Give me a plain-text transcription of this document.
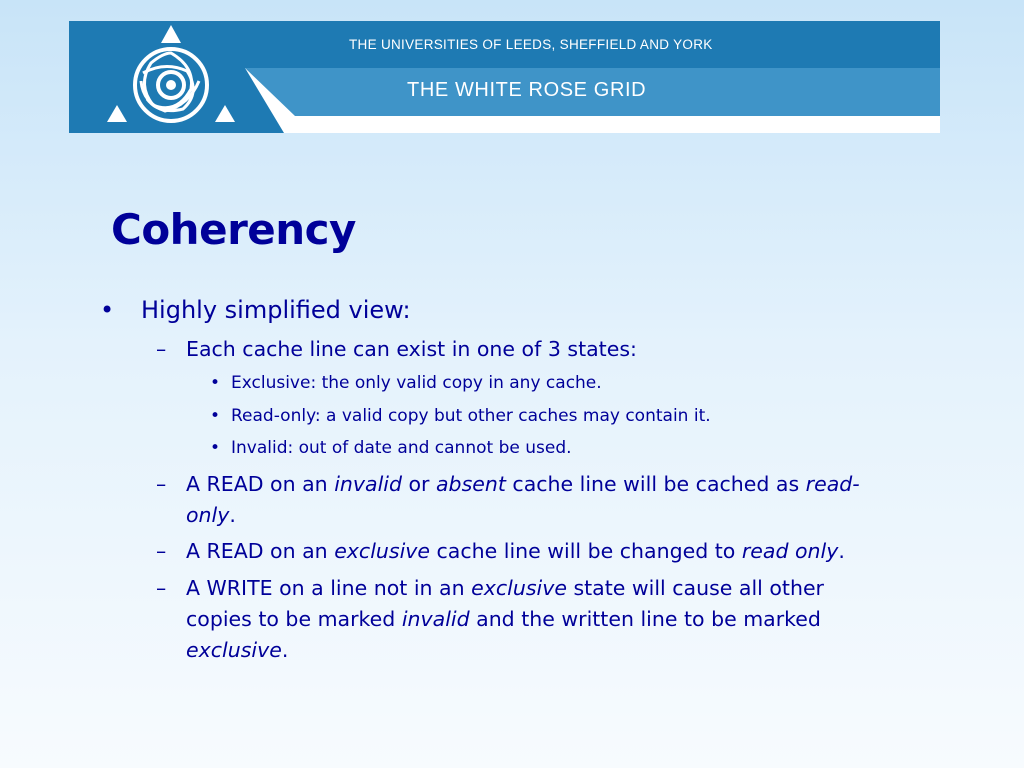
THE UNIVERSITIES OF LEEDS, SHEFFIELD AND YORK
THE WHITE ROSE GRID
Coherency
• Highly simplified view:
– Each cache line can exist in one of 3 states:
• Exclusive: the only valid copy in any cache.
• Read-only: a valid copy but other caches may contain it.
• Invalid: out of date and cannot be used.
– A READ on an invalid or absent cache line will be cached as read-
only.
– A READ on an exclusive cache line will be changed to read only.
– A WRITE on a line not in an exclusive state will cause all other
copies to be marked invalid and the written line to be marked
exclusive.
